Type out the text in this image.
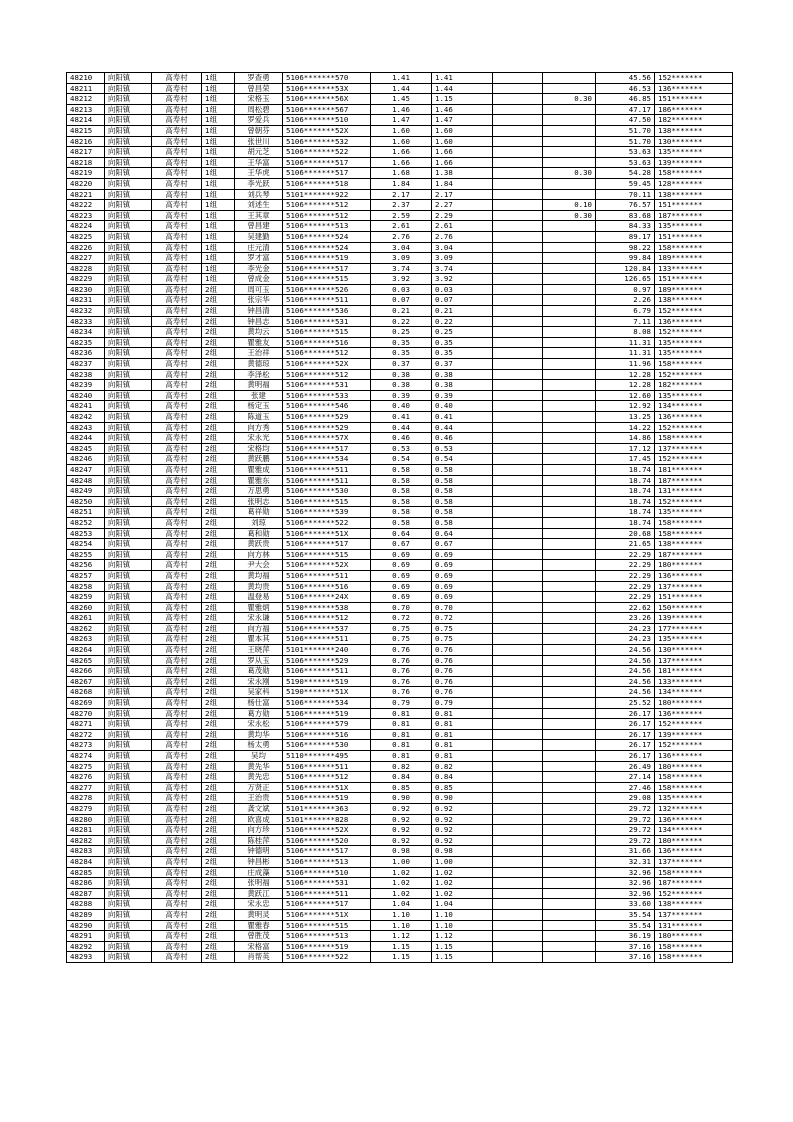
48210	向阳镇	高寿村	1组	罗查勇	5106*******570	1.41	1.41			45.56	152*******
48211	向阳镇	高寿村	1组	曾昌荣	5106*******53X	1.44	1.44			46.53	136*******
48212	向阳镇	高寿村	1组	宋格玉	5106*******56X	1.45	1.15		0.30	46.85	151*******
48213	向阳镇	高寿村	1组	周松碧	5106*******567	1.46	1.46			47.17	186*******
48214	向阳镇	高寿村	1组	罗爱兵	5106*******510	1.47	1.47			47.50	182*******
48215	向阳镇	高寿村	1组	曾朝芬	5106*******52X	1.60	1.60			51.70	138*******
48216	向阳镇	高寿村	1组	张世川	5106*******532	1.60	1.60			51.70	130*******
48217	向阳镇	高寿村	1组	胡元芝	5106*******522	1.66	1.66			53.63	135*******
48218	向阳镇	高寿村	1组	王华富	5106*******517	1.66	1.66			53.63	139*******
48219	向阳镇	高寿村	1组	王华虎	5106*******517	1.68	1.38		0.30	54.28	158*******
48220	向阳镇	高寿村	1组	李光跃	5106*******518	1.84	1.84			59.45	128*******
48221	向阳镇	高寿村	1组	刘兵琴	5101*******922	2.17	2.17			70.11	138*******
48222	向阳镇	高寿村	1组	刘述生	5106*******512	2.37	2.27		0.10	76.57	151*******
48223	向阳镇	高寿村	1组	王其章	5106*******512	2.59	2.29		0.30	83.68	187*******
48224	向阳镇	高寿村	1组	曾昌建	5106*******513	2.61	2.61			84.33	135*******
48225	向阳镇	高寿村	1组	吴建勤	5106*******524	2.76	2.76			89.17	151*******
48226	向阳镇	高寿村	1组	庄元清	5106*******524	3.04	3.04			98.22	158*******
48227	向阳镇	高寿村	1组	罗才富	5106*******519	3.09	3.09			99.84	189*******
48228	向阳镇	高寿村	1组	李光金	5106*******517	3.74	3.74			120.84	133*******
48229	向阳镇	高寿村	1组	曾成金	5106*******515	3.92	3.92			126.65	151*******
48230	向阳镇	高寿村	2组	周可玉	5106*******526	0.03	0.03			0.97	189*******
48231	向阳镇	高寿村	2组	张宗华	5106*******511	0.07	0.07			2.26	138*******
48232	向阳镇	高寿村	2组	钟昌清	5106*******536	0.21	0.21			6.79	152*******
48233	向阳镇	高寿村	2组	钟昌志	5106*******531	0.22	0.22			7.11	136*******
48234	向阳镇	高寿村	2组	黄均云	5106*******515	0.25	0.25			8.08	152*******
48235	向阳镇	高寿村	2组	瞿雅友	5106*******516	0.35	0.35			11.31	135*******
48236	向阳镇	高寿村	2组	王治祥	5106*******512	0.35	0.35			11.31	135*******
48237	向阳镇	高寿村	2组	黄德琼	5106*******52X	0.37	0.37			11.96	158*******
48238	向阳镇	高寿村	2组	李泽松	5106*******512	0.38	0.38			12.28	152*******
48239	向阳镇	高寿村	2组	黄明福	5106*******531	0.38	0.38			12.28	182*******
48240	向阳镇	高寿村	2组	张建	5106*******533	0.39	0.39			12.60	135*******
48241	向阳镇	高寿村	2组	杨定玉	5106*******546	0.40	0.40			12.92	134*******
48242	向阳镇	高寿村	2组	陈道玉	5106*******529	0.41	0.41			13.25	136*******
48243	向阳镇	高寿村	2组	向方秀	5106*******529	0.44	0.44			14.22	152*******
48244	向阳镇	高寿村	2组	宋永光	5106*******57X	0.46	0.46			14.86	158*******
48245	向阳镇	高寿村	2组	宋格均	5106*******517	0.53	0.53			17.12	137*******
48246	向阳镇	高寿村	2组	黄跃鹏	5106*******534	0.54	0.54			17.45	152*******
48247	向阳镇	高寿村	2组	瞿雅成	5106*******511	0.58	0.58			18.74	181*******
48248	向阳镇	高寿村	2组	瞿雅东	5106*******511	0.58	0.58			18.74	187*******
48249	向阳镇	高寿村	2组	万思勇	5106*******530	0.58	0.58			18.74	131*******
48250	向阳镇	高寿村	2组	张明志	5106*******515	0.58	0.58			18.74	152*******
48251	向阳镇	高寿村	2组	葛祥勋	5106*******539	0.58	0.58			18.74	135*******
48252	向阳镇	高寿村	2组	刘琼	5106*******522	0.58	0.58			18.74	158*******
48253	向阳镇	高寿村	2组	葛和勋	5106*******51X	0.64	0.64			20.68	158*******
48254	向阳镇	高寿村	2组	黄跃贵	5106*******517	0.67	0.67			21.65	138*******
48255	向阳镇	高寿村	2组	向方林	5106*******515	0.69	0.69			22.29	187*******
48256	向阳镇	高寿村	2组	尹大会	5106*******52X	0.69	0.69			22.29	180*******
48257	向阳镇	高寿村	2组	黄均福	5106*******511	0.69	0.69			22.29	136*******
48258	向阳镇	高寿村	2组	黄均贵	5106*******516	0.69	0.69			22.29	137*******
48259	向阳镇	高寿村	2组	温登易	5106*******24X	0.69	0.69			22.29	151*******
48260	向阳镇	高寿村	2组	瞿雅炳	5190*******538	0.70	0.70			22.62	150*******
48261	向阳镇	高寿村	2组	宋永谦	5106*******512	0.72	0.72			23.26	139*******
48262	向阳镇	高寿村	2组	向方福	5106*******537	0.75	0.75			24.23	177*******
48263	向阳镇	高寿村	2组	瞿本其	5106*******511	0.75	0.75			24.23	135*******
48264	向阳镇	高寿村	2组	王晓萍	5101*******240	0.76	0.76			24.56	130*******
48265	向阳镇	高寿村	2组	罗从玉	5106*******529	0.76	0.76			24.56	137*******
48266	向阳镇	高寿村	2组	葛茂勋	5106*******511	0.76	0.76			24.56	181*******
48267	向阳镇	高寿村	2组	宋永刚	5190*******519	0.76	0.76			24.56	133*******
48268	向阳镇	高寿村	2组	吴家科	5190*******51X	0.76	0.76			24.56	134*******
48269	向阳镇	高寿村	2组	杨仕富	5106*******534	0.79	0.79			25.52	180*******
48270	向阳镇	高寿村	2组	葛方勋	5106*******519	0.81	0.81			26.17	136*******
48271	向阳镇	高寿村	2组	宋永松	5106*******579	0.81	0.81			26.17	152*******
48272	向阳镇	高寿村	2组	黄均华	5106*******516	0.81	0.81			26.17	139*******
48273	向阳镇	高寿村	2组	杨太勇	5106*******530	0.81	0.81			26.17	152*******
48274	向阳镇	高寿村	2组	吴均	5110*******495	0.81	0.81			26.17	136*******
48275	向阳镇	高寿村	2组	黄先华	5106*******511	0.82	0.82			26.49	180*******
48276	向阳镇	高寿村	2组	黄先忠	5106*******512	0.84	0.84			27.14	158*******
48277	向阳镇	高寿村	2组	万贤正	5106*******51X	0.85	0.85			27.46	158*******
48278	向阳镇	高寿村	2组	王治贵	5106*******519	0.90	0.90			29.08	135*******
48279	向阳镇	高寿村	2组	龚文斌	5101*******363	0.92	0.92			29.72	132*******
48280	向阳镇	高寿村	2组	欧喜成	5101*******828	0.92	0.92			29.72	136*******
48281	向阳镇	高寿村	2组	向方珍	5106*******52X	0.92	0.92			29.72	134*******
48282	向阳镇	高寿村	2组	陈桂萍	5106*******520	0.92	0.92			29.72	180*******
48283	向阳镇	高寿村	2组	钟德明	5106*******517	0.98	0.98			31.66	136*******
48284	向阳镇	高寿村	2组	钟昌彬	5106*******513	1.00	1.00			32.31	137*******
48285	向阳镇	高寿村	2组	庄成藻	5106*******510	1.02	1.02			32.96	158*******
48286	向阳镇	高寿村	2组	张明福	5106*******531	1.02	1.02			32.96	187*******
48287	向阳镇	高寿村	2组	黄跃江	5106*******511	1.02	1.02			32.96	152*******
48288	向阳镇	高寿村	2组	宋永忠	5106*******517	1.04	1.04			33.60	138*******
48289	向阳镇	高寿村	2组	黄明灵	5106*******51X	1.10	1.10			35.54	137*******
48290	向阳镇	高寿村	2组	瞿雅春	5106*******515	1.10	1.10			35.54	131*******
48291	向阳镇	高寿村	2组	曾胜茂	5106*******513	1.12	1.12			36.19	180*******
48292	向阳镇	高寿村	2组	宋格富	5106*******519	1.15	1.15			37.16	158*******
48293	向阳镇	高寿村	2组	肖帮英	5106*******522	1.15	1.15			37.16	158*******
